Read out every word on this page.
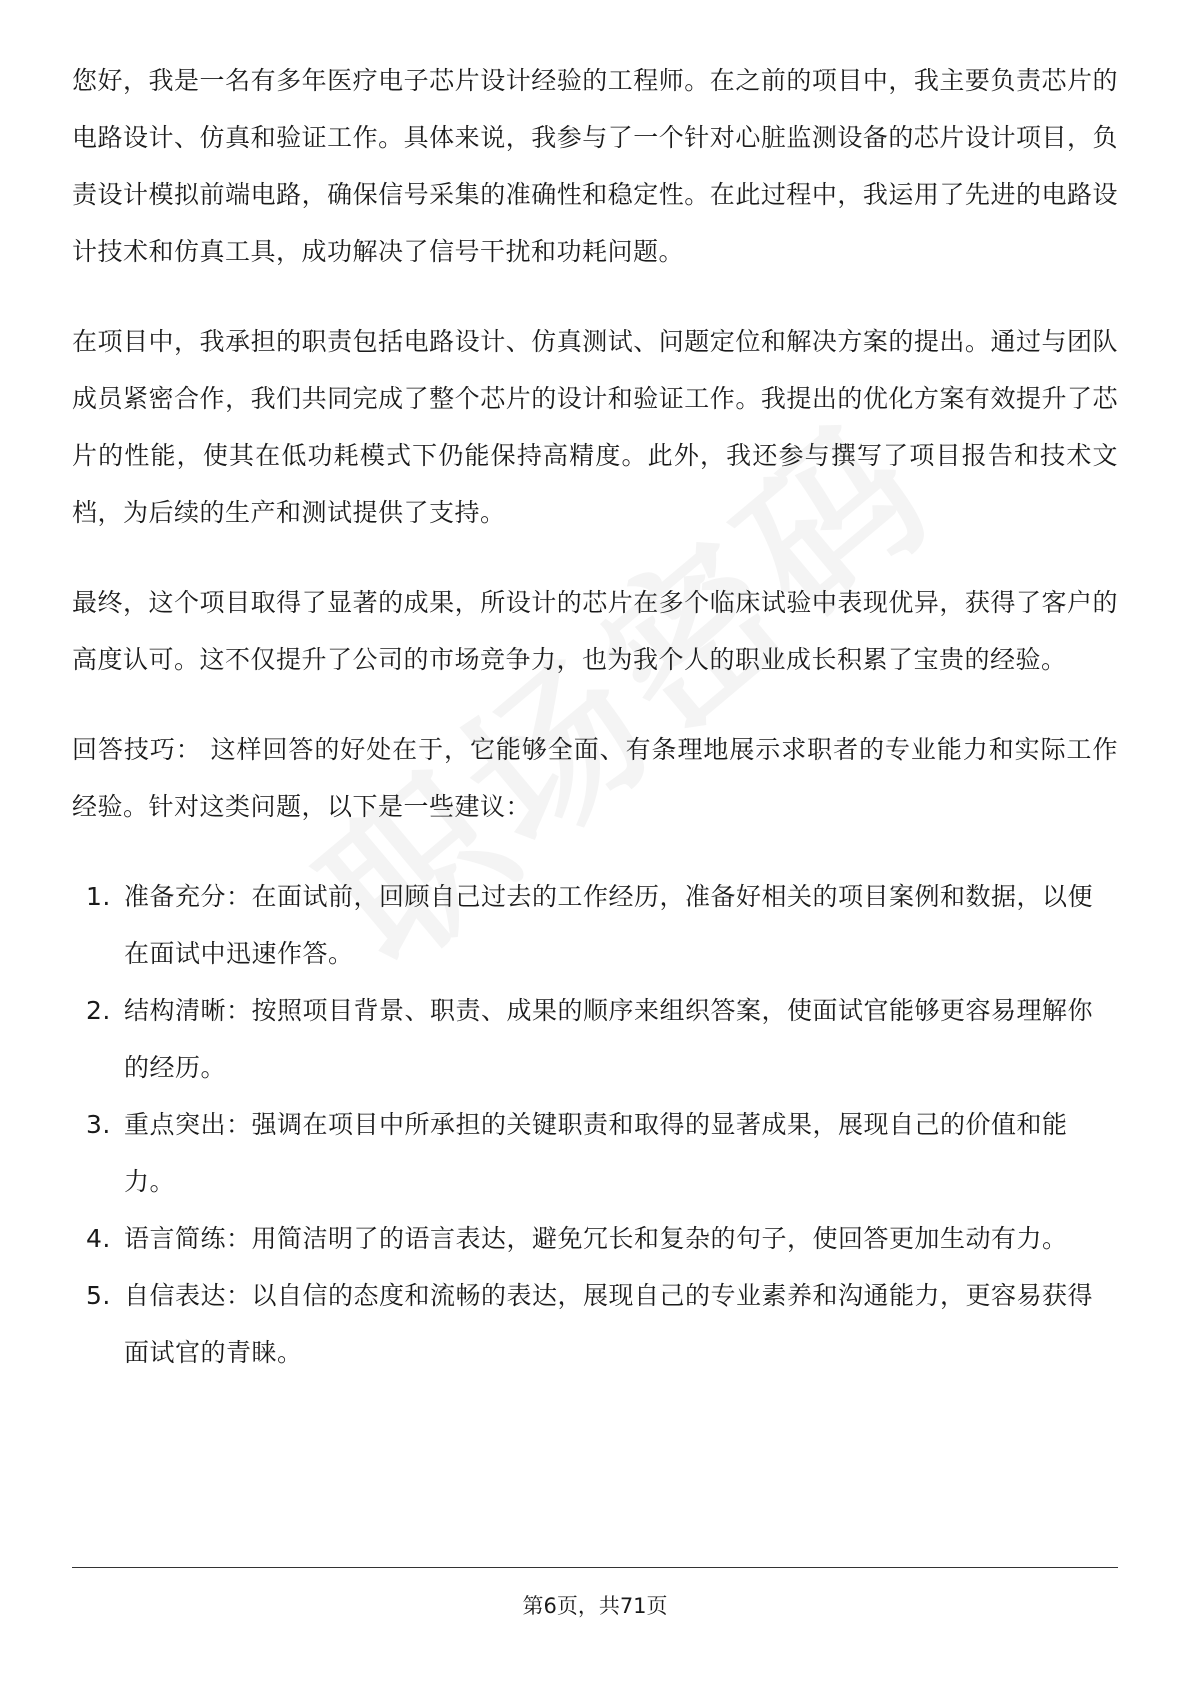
您好，我是一名有多年医疗电子芯片设计经验的工程师。在之前的项目中，我主要负责芯片的电路设计、仿真和验证工作。具体来说，我参与了一个针对心脏监测设备的芯片设计项目，负责设计模拟前端电路，确保信号采集的准确性和稳定性。在此过程中，我运用了先进的电路设计技术和仿真工具，成功解决了信号干扰和功耗问题。

在项目中，我承担的职责包括电路设计、仿真测试、问题定位和解决方案的提出。通过与团队成员紧密合作，我们共同完成了整个芯片的设计和验证工作。我提出的优化方案有效提升了芯片的性能，使其在低功耗模式下仍能保持高精度。此外，我还参与撰写了项目报告和技术文档，为后续的生产和测试提供了支持。

最终，这个项目取得了显著的成果，所设计的芯片在多个临床试验中表现优异，获得了客户的高度认可。这不仅提升了公司的市场竞争力，也为我个人的职业成长积累了宝贵的经验。

回答技巧： 这样回答的好处在于，它能够全面、有条理地展示求职者的专业能力和实际工作经验。针对这类问题，以下是一些建议：

1. 准备充分：在面试前，回顾自己过去的工作经历，准备好相关的项目案例和数据，以便在面试中迅速作答。
2. 结构清晰：按照项目背景、职责、成果的顺序来组织答案，使面试官能够更容易理解你的经历。
3. 重点突出：强调在项目中所承担的关键职责和取得的显著成果，展现自己的价值和能力。
4. 语言简练：用简洁明了的语言表达，避免冗长和复杂的句子，使回答更加生动有力。
5. 自信表达：以自信的态度和流畅的表达，展现自己的专业素养和沟通能力，更容易获得面试官的青睐。
第6页，共71页
